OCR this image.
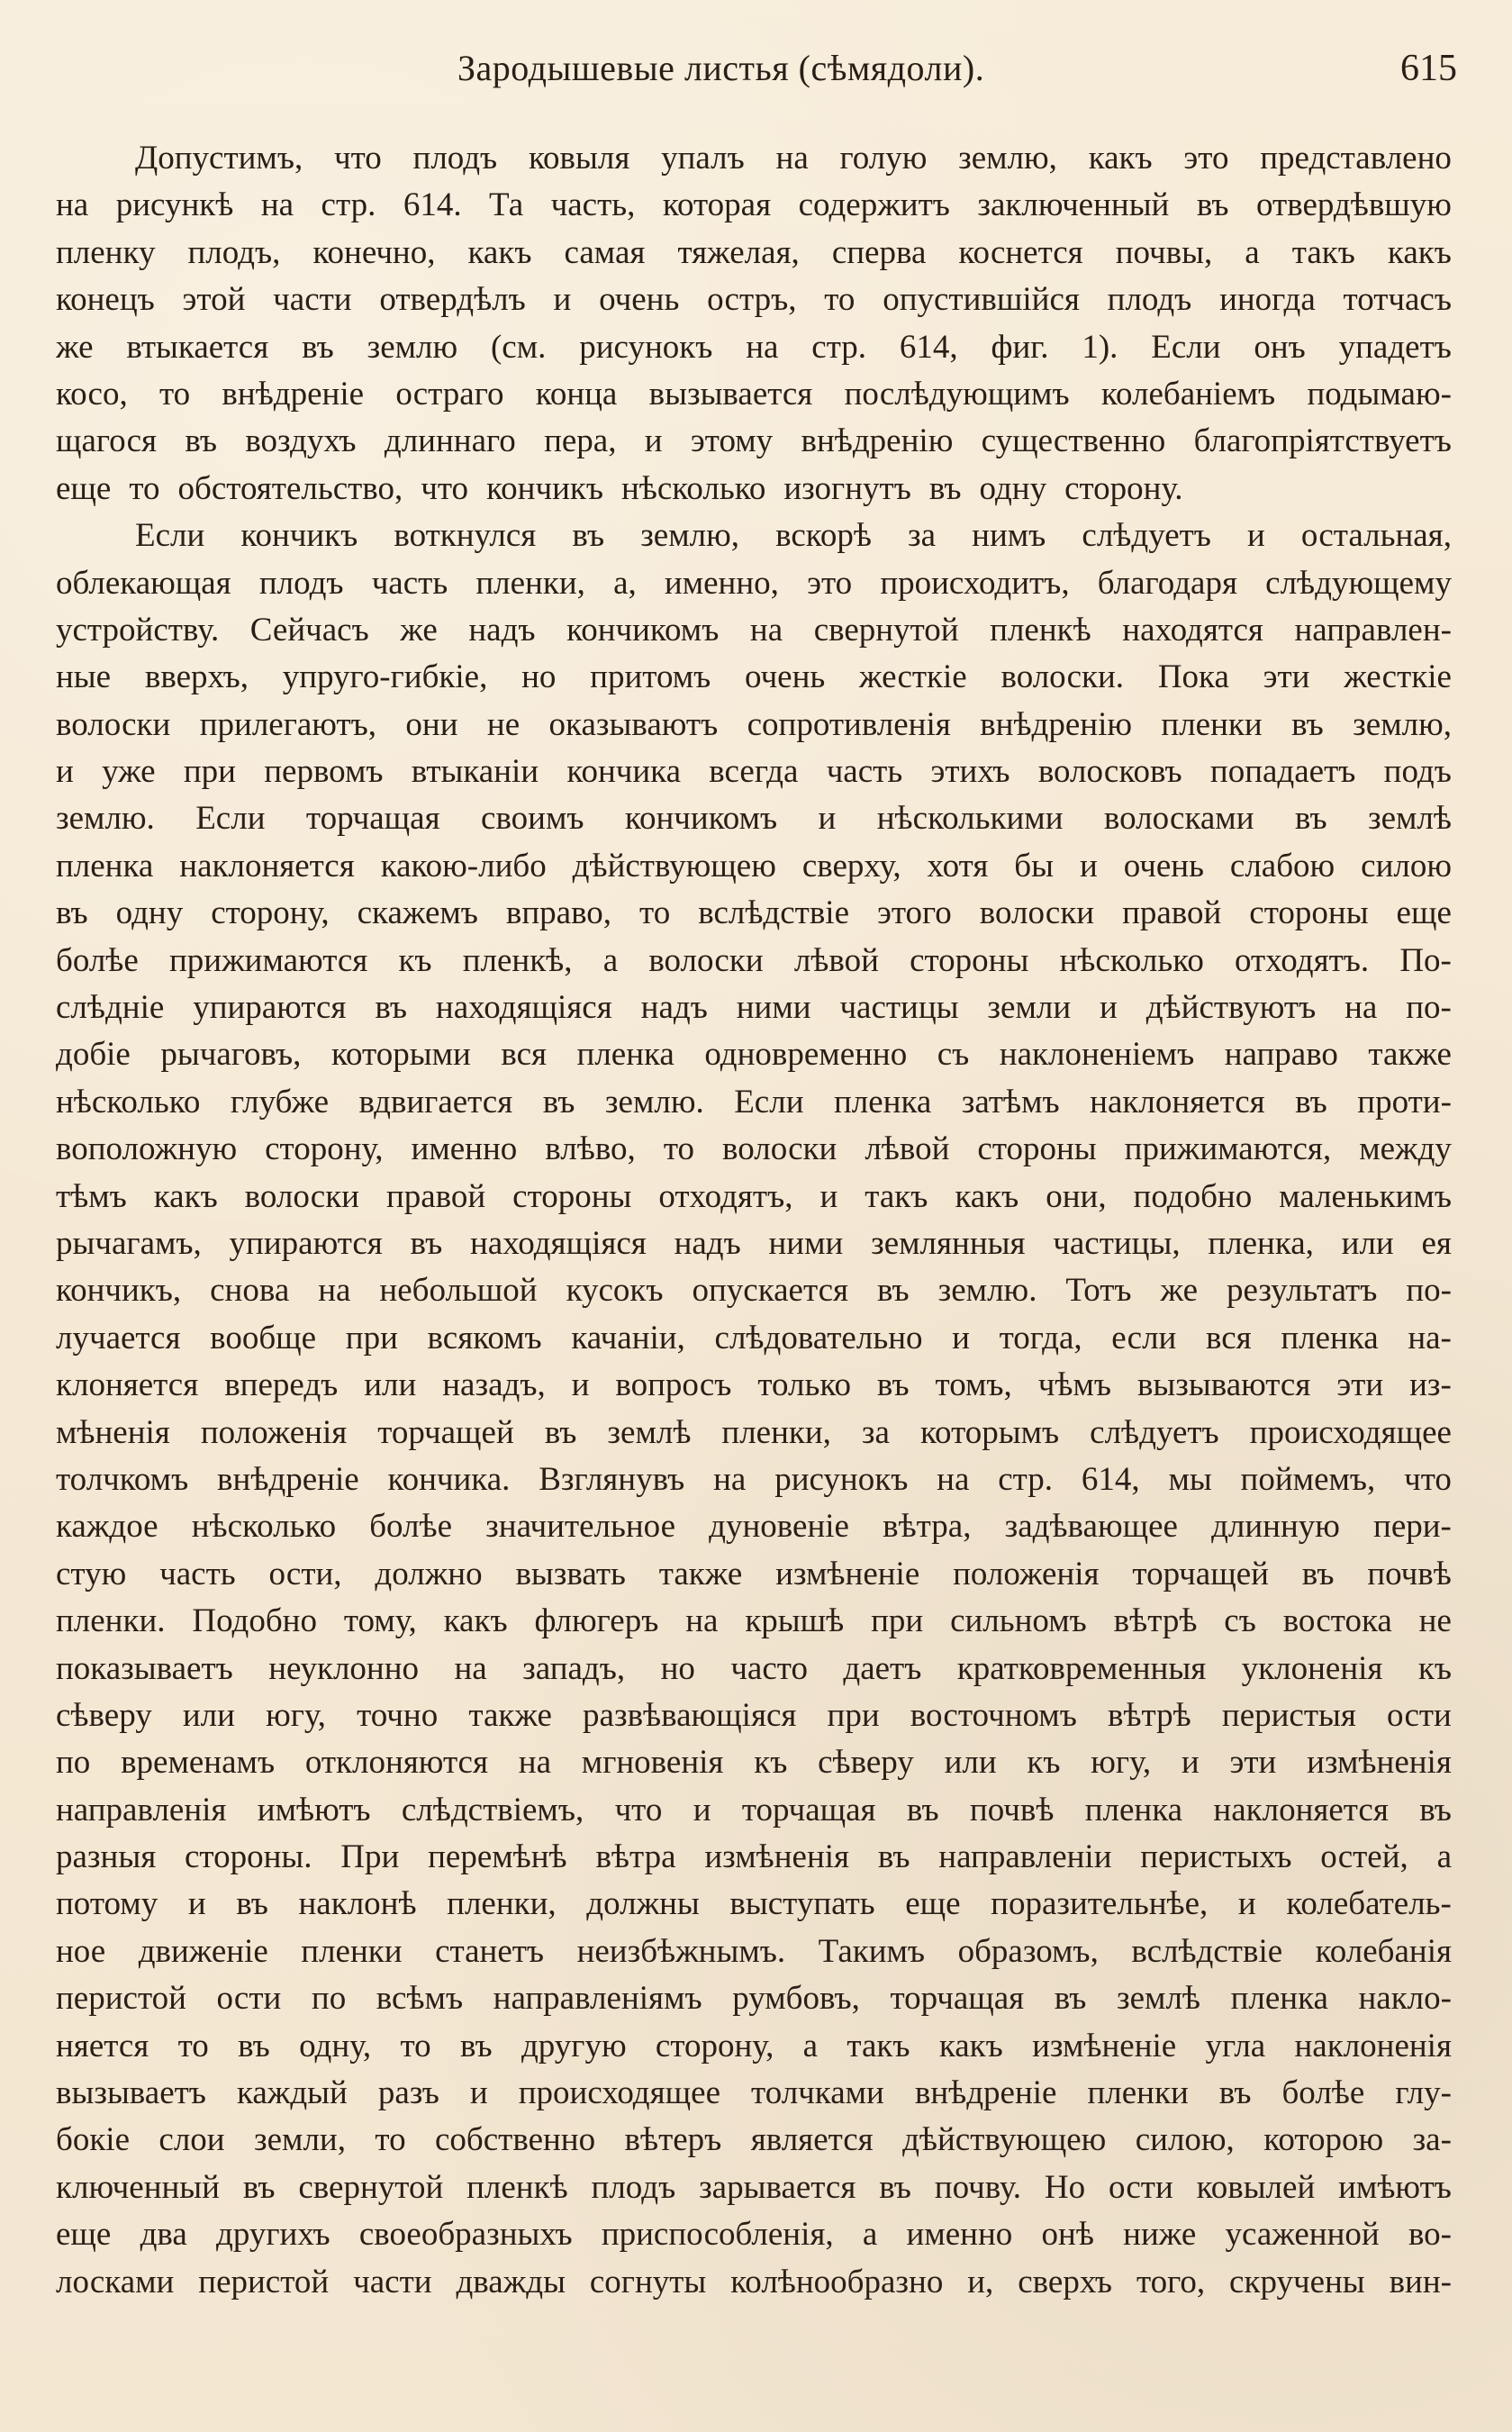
Зародышевые листья (сѣмядоли).	615
Допустимъ, что плодъ ковыля упалъ на голую землю, какъ это представлено
на рисункѣ на стр. 614. Та часть, которая содержитъ заключенный въ отвердѣвшую
пленку плодъ, конечно, какъ самая тяжелая, сперва коснется почвы, а такъ какъ
конецъ этой части отвердѣлъ и очень остръ, то опустившійся плодъ иногда тотчасъ
же втыкается въ землю (см. рисунокъ на стр. 614, фиг. 1). Если онъ упадетъ
косо, то внѣдреніе остраго конца вызывается послѣдующимъ колебаніемъ подымаю-
щагося въ воздухъ длиннаго пера, и этому внѣдренію существенно благопріятствуетъ
еще то обстоятельство, что кончикъ нѣсколько изогнутъ въ одну сторону.
Если кончикъ воткнулся въ землю, вскорѣ за нимъ слѣдуетъ и остальная,
облекающая плодъ часть пленки, а, именно, это происходитъ, благодаря слѣдующему
устройству. Сейчасъ же надъ кончикомъ на свернутой пленкѣ находятся направлен-
ные вверхъ, упруго-гибкіе, но притомъ очень жесткіе волоски. Пока эти жесткіе
волоски прилегаютъ, они не оказываютъ сопротивленія внѣдренію пленки въ землю,
и уже при первомъ втыканіи кончика всегда часть этихъ волосковъ попадаетъ подъ
землю. Если торчащая своимъ кончикомъ и нѣсколькими волосками въ землѣ
пленка наклоняется какою-либо дѣйствующею сверху, хотя бы и очень слабою силою
въ одну сторону, скажемъ вправо, то вслѣдствіе этого волоски правой стороны еще
болѣе прижимаются къ пленкѣ, а волоски лѣвой стороны нѣсколько отходятъ. По-
слѣдніе упираются въ находящіяся надъ ними частицы земли и дѣйствуютъ на по-
добіе рычаговъ, которыми вся пленка одновременно съ наклоненіемъ направо также
нѣсколько глубже вдвигается въ землю. Если пленка затѣмъ наклоняется въ проти-
воположную сторону, именно влѣво, то волоски лѣвой стороны прижимаются, между
тѣмъ какъ волоски правой стороны отходятъ, и такъ какъ они, подобно маленькимъ
рычагамъ, упираются въ находящіяся надъ ними землянныя частицы, пленка, или ея
кончикъ, снова на небольшой кусокъ опускается въ землю. Тотъ же результатъ по-
лучается вообще при всякомъ качаніи, слѣдовательно и тогда, если вся пленка на-
клоняется впередъ или назадъ, и вопросъ только въ томъ, чѣмъ вызываются эти из-
мѣненія положенія торчащей въ землѣ пленки, за которымъ слѣдуетъ происходящее
толчкомъ внѣдреніе кончика. Взглянувъ на рисунокъ на стр. 614, мы поймемъ, что
каждое нѣсколько болѣе значительное дуновеніе вѣтра, задѣвающее длинную пери-
стую часть ости, должно вызвать также измѣненіе положенія торчащей въ почвѣ
пленки. Подобно тому, какъ флюгеръ на крышѣ при сильномъ вѣтрѣ съ востока не
показываетъ неуклонно на западъ, но часто даетъ кратковременныя уклоненія къ
сѣверу или югу, точно также развѣвающіяся при восточномъ вѣтрѣ перистыя ости
по временамъ отклоняются на мгновенія къ сѣверу или къ югу, и эти измѣненія
направленія имѣютъ слѣдствіемъ, что и торчащая въ почвѣ пленка наклоняется въ
разныя стороны. При перемѣнѣ вѣтра измѣненія въ направленіи перистыхъ остей, а
потому и въ наклонѣ пленки, должны выступать еще поразительнѣе, и колебатель-
ное движеніе пленки станетъ неизбѣжнымъ. Такимъ образомъ, вслѣдствіе колебанія
перистой ости по всѣмъ направленіямъ румбовъ, торчащая въ землѣ пленка накло-
няется то въ одну, то въ другую сторону, а такъ какъ измѣненіе угла наклоненія
вызываетъ каждый разъ и происходящее толчками внѣдреніе пленки въ болѣе глу-
бокіе слои земли, то собственно вѣтеръ является дѣйствующею силою, которою за-
ключенный въ свернутой пленкѣ плодъ зарывается въ почву. Но ости ковылей имѣютъ
еще два другихъ своеобразныхъ приспособленія, а именно онѣ ниже усаженной во-
лосками перистой части дважды согнуты колѣнообразно и, сверхъ того, скручены вин-
